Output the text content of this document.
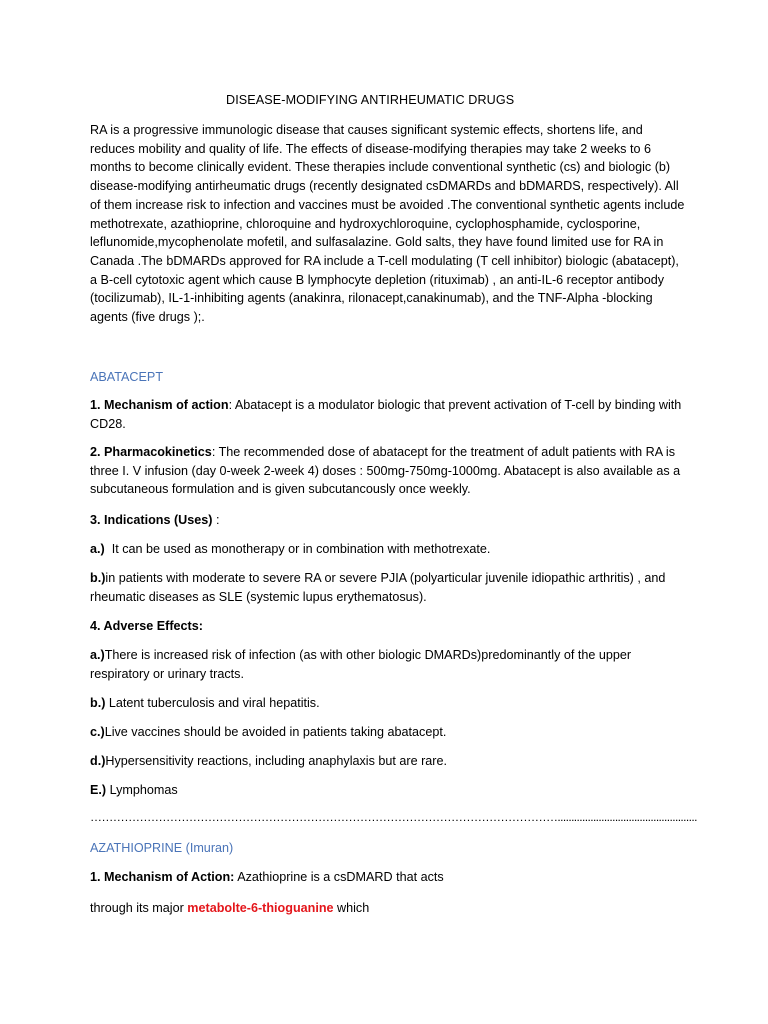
DISEASE-MODIFYING ANTIRHEUMATIC DRUGS
RA is a progressive immunologic disease that causes significant systemic effects, shortens life, and reduces mobility and quality of life. The effects of disease-modifying therapies may take 2 weeks to 6 months to become clinically evident. These therapies include conventional synthetic (cs) and biologic (b) disease-modifying antirheumatic drugs (recently designated csDMARDs and bDMARDS, respectively). All of them increase risk to infection and vaccines must be avoided .The conventional synthetic agents include methotrexate, azathioprine, chloroquine and hydroxychloroquine, cyclophosphamide, cyclosporine, leflunomide,mycophenolate mofetil, and sulfasalazine. Gold salts, they have found limited use for RA in Canada .The bDMARDs approved for RA include a T-cell modulating (T cell inhibitor) biologic (abatacept), a B-cell cytotoxic agent which cause B lymphocyte depletion (rituximab) , an anti-IL-6 receptor antibody (tocilizumab), IL-1-inhibiting agents (anakinra, rilonacept,canakinumab), and the TNF-Alpha -blocking agents (five drugs );.
ABATACEPT
1. Mechanism of action: Abatacept is a modulator biologic that prevent activation of T-cell by binding with CD28.
2. Pharmacokinetics: The recommended dose of abatacept for the treatment of adult patients with RA is three I. V infusion (day 0-week 2-week 4) doses : 500mg-750mg-1000mg. Abatacept is also available as a subcutaneous formulation and is given subcutancously once weekly.
3. Indications (Uses) :
a.)  It can be used as monotherapy or in combination with methotrexate.
b.)in patients with moderate to severe RA or severe PJIA (polyarticular juvenile idiopathic arthritis) , and rheumatic diseases as SLE (systemic lupus erythematosus).
4. Adverse Effects:
a.)There is increased risk of infection (as with other biologic DMARDs)predominantly of the upper respiratory or urinary tracts.
b.) Latent tuberculosis and viral hepatitis.
c.)Live vaccines should be avoided in patients taking abatacept.
d.)Hypersensitivity reactions, including anaphylaxis but are rare.
E.) Lymphomas
……………………………………………………………………………………………………………...................................................
AZATHIOPRINE (Imuran)
1. Mechanism of Action: Azathioprine is a csDMARD that acts
through its major metabolte-6-thioguanine which
